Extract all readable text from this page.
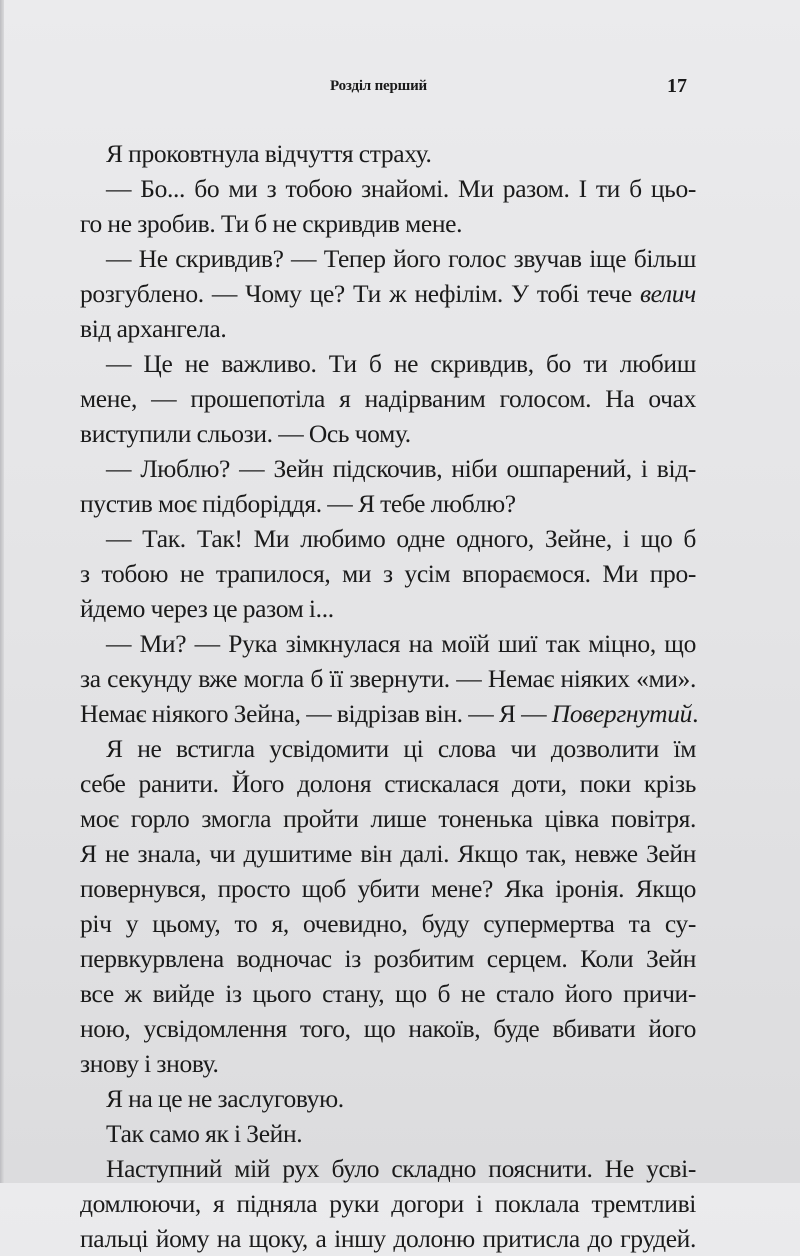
Розділ перший	17
Я проковтнула відчуття страху.
— Бо... бо ми з тобою знайомі. Ми разом. І ти б цьо-
го не зробив. Ти б не скривдив мене.
— Не скривдив? — Тепер його голос звучав іще більш
розгублено. — Чому це? Ти ж нефілім. У тобі тече велич
від архангела.
— Це не важливо. Ти б не скривдив, бо ти любиш
мене, — прошепотіла я надірваним голосом. На очах
виступили сльози. — Ось чому.
— Люблю? — Зейн підскочив, ніби ошпарений, і від-
пустив моє підборіддя. — Я тебе люблю?
— Так. Так! Ми любимо одне одного, Зейне, і що б
з тобою не трапилося, ми з усім впораємося. Ми про-
йдемо через це разом і...
— Ми? — Рука зімкнулася на моїй шиї так міцно, що
за секунду вже могла б її звернути. — Немає ніяких «ми».
Немає ніякого Зейна, — відрізав він. — Я — Повергнутий.
Я не встигла усвідомити ці слова чи дозволити їм
себе ранити. Його долоня стискалася доти, поки крізь
моє горло змогла пройти лише тоненька цівка повітря.
Я не знала, чи душитиме він далі. Якщо так, невже Зейн
повернувся, просто щоб убити мене? Яка іронія. Якщо
річ у цьому, то я, очевидно, буду супермертва та су-
первкурвлена водночас із розбитим серцем. Коли Зейн
все ж вийде із цього стану, що б не стало його причи-
ною, усвідомлення того, що накоїв, буде вбивати його
знову і знову.
Я на це не заслуговую.
Так само як і Зейн.
Наступний мій рух було складно пояснити. Не усві-
домлюючи, я підняла руки догори і поклала тремтливі
пальці йому на щоку, а іншу долоню притисла до грудей.
